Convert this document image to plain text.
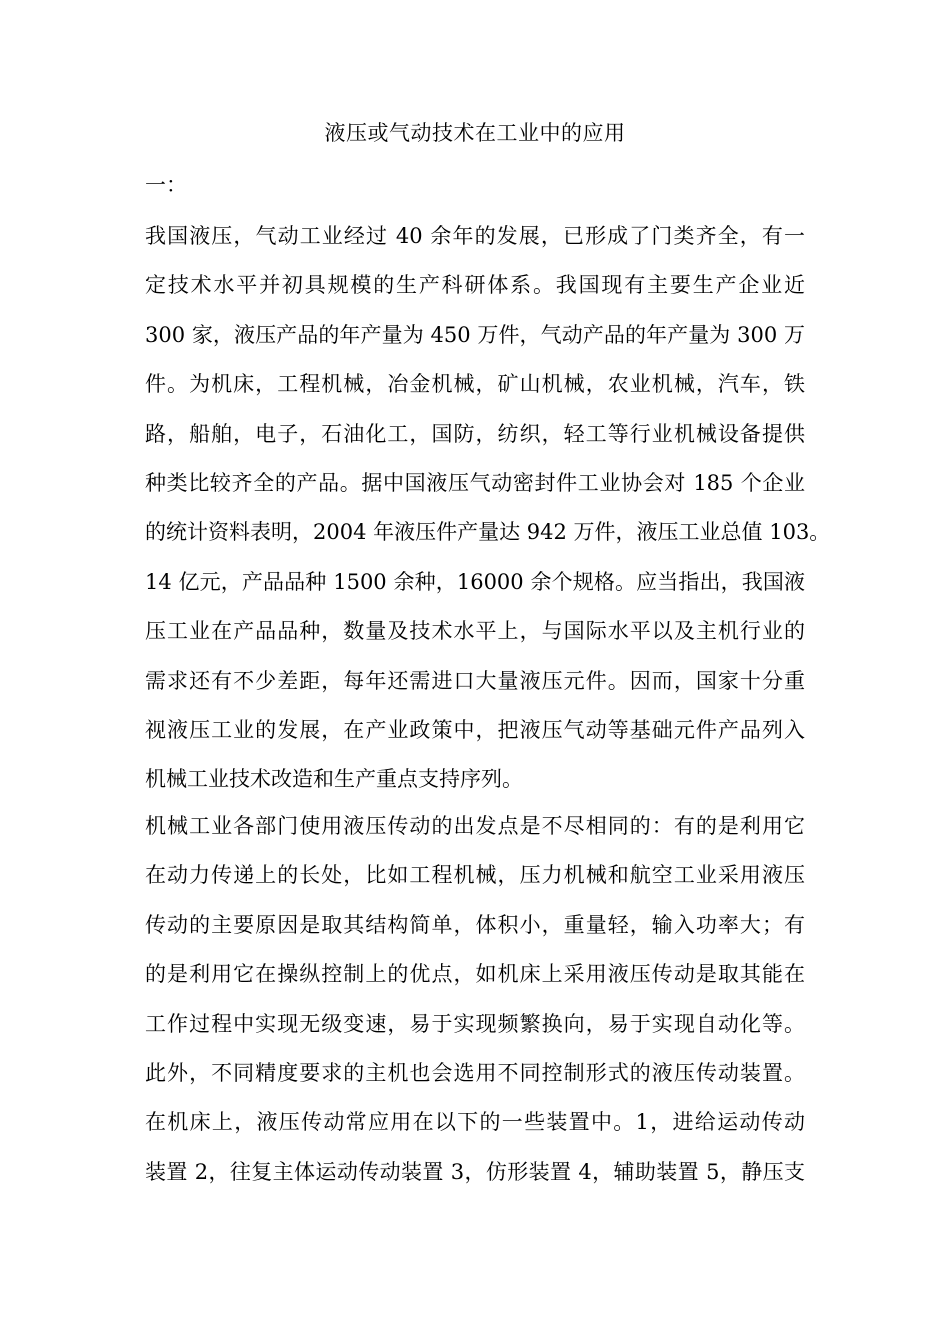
液压或气动技术在工业中的应用
一：
我国液压，气动工业经过 40 余年的发展，已形成了门类齐全，有一
定技术水平并初具规模的生产科研体系。我国现有主要生产企业近
300 家，液压产品的年产量为 450 万件，气动产品的年产量为 300 万
件。为机床，工程机械，冶金机械，矿山机械，农业机械，汽车，铁
路，船舶，电子，石油化工，国防，纺织，轻工等行业机械设备提供
种类比较齐全的产品。据中国液压气动密封件工业协会对 185 个企业
的统计资料表明，2004 年液压件产量达 942 万件，液压工业总值 103。
14 亿元，产品品种 1500 余种，16000 余个规格。应当指出，我国液
压工业在产品品种，数量及技术水平上，与国际水平以及主机行业的
需求还有不少差距，每年还需进口大量液压元件。因而，国家十分重
视液压工业的发展，在产业政策中，把液压气动等基础元件产品列入
机械工业技术改造和生产重点支持序列。
机械工业各部门使用液压传动的出发点是不尽相同的：有的是利用它
在动力传递上的长处，比如工程机械，压力机械和航空工业采用液压
传动的主要原因是取其结构简单，体积小，重量轻，输入功率大；有
的是利用它在操纵控制上的优点，如机床上采用液压传动是取其能在
工作过程中实现无级变速，易于实现频繁换向，易于实现自动化等。
此外，不同精度要求的主机也会选用不同控制形式的液压传动装置。
在机床上，液压传动常应用在以下的一些装置中。1，进给运动传动
装置 2，往复主体运动传动装置 3，仿形装置 4，辅助装置 5，静压支
